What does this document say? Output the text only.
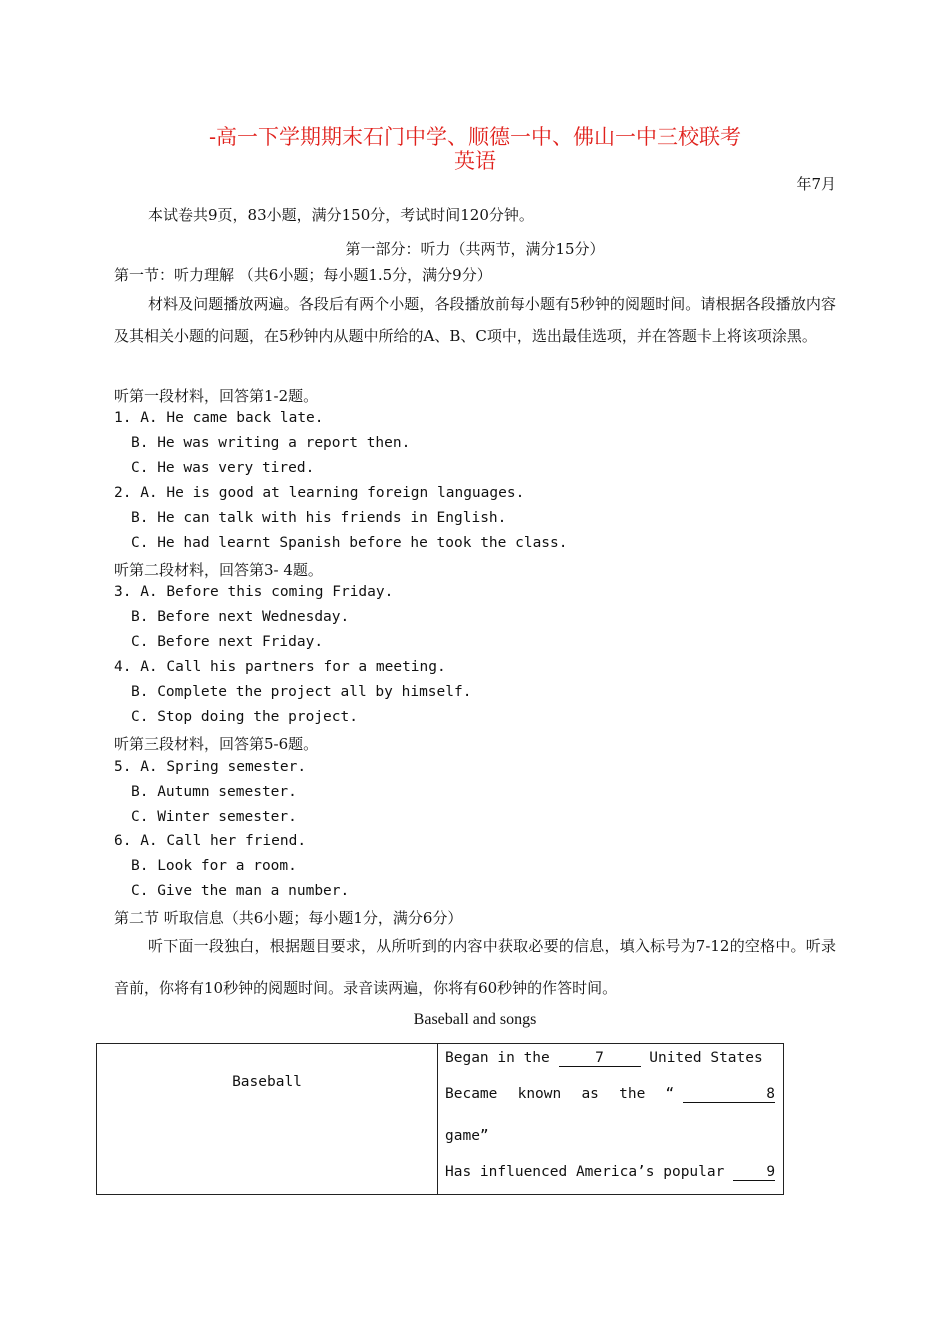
-高一下学期期末石门中学、顺德一中、佛山一中三校联考
英语
年7月
本试卷共9页，83小题，满分150分，考试时间120分钟。
第一部分：听力（共两节，满分15分）
第一节：听力理解 （共6小题；每小题1.5分，满分9分）
材料及问题播放两遍。各段后有两个小题，各段播放前每小题有5秒钟的阅题时间。请根据各段播放内容及其相关小题的问题，在5秒钟内从题中所给的A、B、C项中，选出最佳选项，并在答题卡上将该项涂黑。
听第一段材料，回答第1-2题。
1. A. He came back late.
B. He was writing a report then.
C. He was very tired.
2. A. He is good at learning foreign languages.
B. He can talk with his friends in English.
C. He had learnt Spanish before he took the class.
听第二段材料，回答第3- 4题。
3. A. Before this coming Friday.
B. Before next Wednesday.
C. Before next Friday.
4. A. Call his partners for a meeting.
B. Complete the project all by himself.
C. Stop doing the project.
听第三段材料，回答第5-6题。
5. A. Spring semester.
B. Autumn semester.
C. Winter semester.
6. A. Call her friend.
B. Look for a room.
C. Give the man a number.
第二节 听取信息（共6小题；每小题1分，满分6分）
听下面一段独白，根据题目要求，从所听到的内容中获取必要的信息，填入标号为7-12的空格中。听录音前，你将有10秒钟的阅题时间。录音读两遍，你将有60秒钟的作答时间。
Baseball and songs
Baseball
Began in the	7	United States
Became known as the “	8
game”
Has influenced America’s popular	9
